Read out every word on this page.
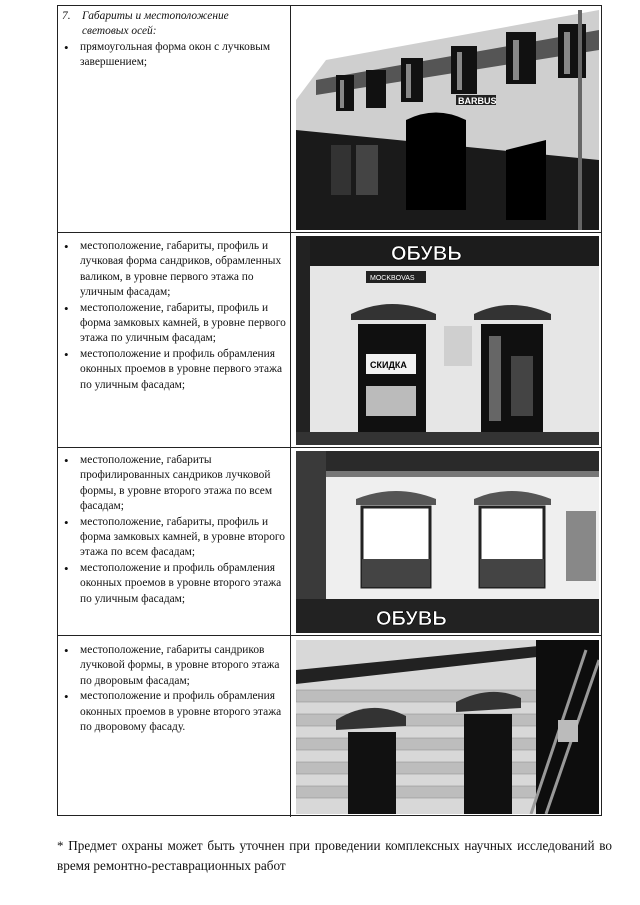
7. Габариты и местоположение
световых осей:
• прямоугольная форма окон с лучковым завершением;
BARBUS
• местоположение, габариты, профиль и лучковая форма сандриков, обрамленных валиком, в уровне первого этажа по уличным фасадам;
• местоположение, габариты, профиль и форма замковых камней, в уровне первого этажа по уличным фасадам;
• местоположение и профиль обрамления оконных проемов в уровне первого этажа по уличным фасадам;
ОБУВЬ
MOCKBOVAS
СКИДКА
• местоположение, габариты профилированных сандриков лучковой формы, в уровне второго этажа по всем фасадам;
• местоположение, габариты, профиль и форма замковых камней, в уровне второго этажа по всем фасадам;
• местоположение и профиль обрамления оконных проемов в уровне второго этажа по уличным фасадам;
ОБУВЬ
• местоположение, габариты сандриков лучковой формы, в уровне второго этажа по дворовым фасадам;
• местоположение и профиль обрамления оконных проемов в уровне второго этажа по дворовому фасаду.
* Предмет охраны может быть уточнен при проведении комплексных научных исследований во время ремонтно-реставрационных работ
